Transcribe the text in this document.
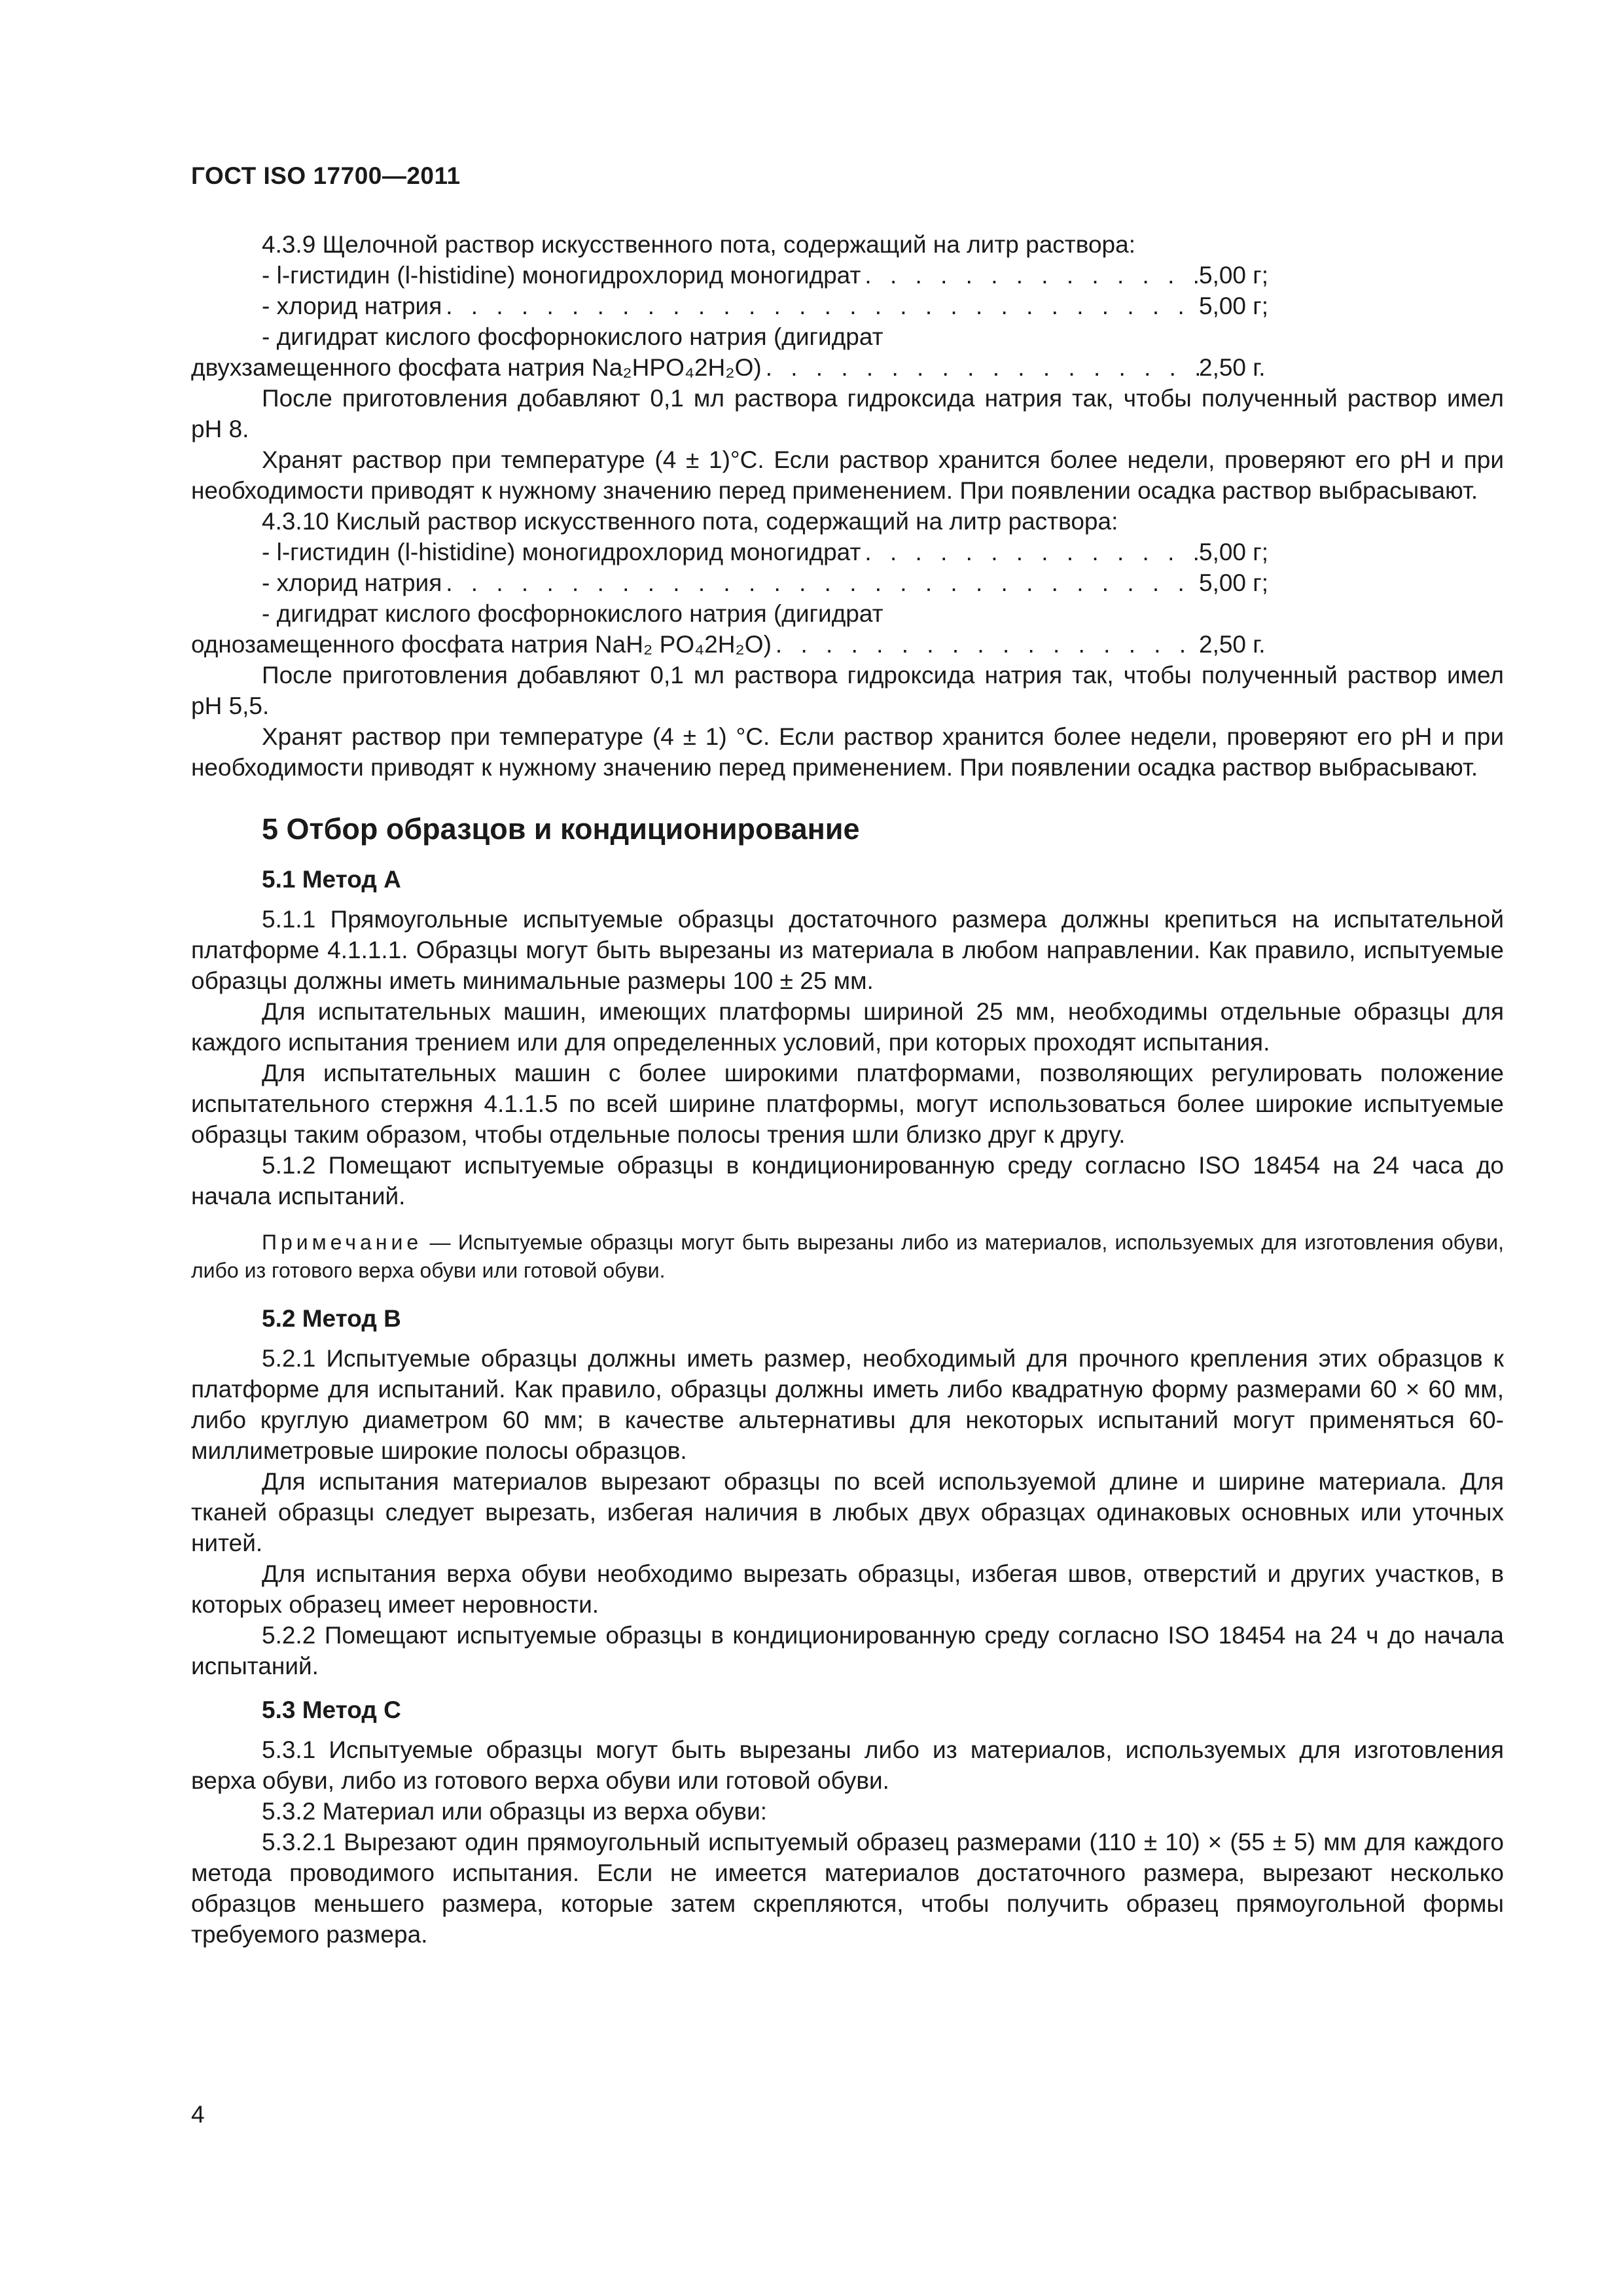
ГОСТ ISO 17700—2011

4.3.9 Щелочной раствор искусственного пота, содержащий на литр раствора:

- l-гистидин (l-histidine) моногидрохлорид моногидрат . . .	5,00 г;
- хлорид натрия . . .	5,00 г;
- дигидрат кислого фосфорнокислого натрия (дигидрат
двухзамещенного фосфата натрия Na₂HPO₄2H₂O) . . .	2,50 г.

После приготовления добавляют 0,1 мл раствора гидроксида натрия так, чтобы полученный раствор имел рН 8.

Хранят раствор при температуре (4 ± 1)°С. Если раствор хранится более недели, проверяют его рН и при необходимости приводят к нужному значению перед применением. При появлении осадка раствор выбрасывают.

4.3.10 Кислый раствор искусственного пота, содержащий на литр раствора:

- l-гистидин (l-histidine) моногидрохлорид моногидрат . . .	5,00 г;
- хлорид натрия . . .	5,00 г;
- дигидрат кислого фосфорнокислого натрия (дигидрат
однозамещенного фосфата натрия NaH₂ PO₄2H₂O) . . .	2,50 г.

После приготовления добавляют 0,1 мл раствора гидроксида натрия так, чтобы полученный раствор имел рН 5,5.

Хранят раствор при температуре (4 ± 1) °С. Если раствор хранится более недели, проверяют его рН и при необходимости приводят к нужному значению перед применением. При появлении осадка раствор выбрасывают.

5 Отбор образцов и кондиционирование
5.1 Метод А

5.1.1 Прямоугольные испытуемые образцы достаточного размера должны крепиться на испытательной платформе 4.1.1.1. Образцы могут быть вырезаны из материала в любом направлении. Как правило, испытуемые образцы должны иметь минимальные размеры 100 ± 25 мм.

Для испытательных машин, имеющих платформы шириной 25 мм, необходимы отдельные образцы для каждого испытания трением или для определенных условий, при которых проходят испытания.

Для испытательных машин с более широкими платформами, позволяющих регулировать положение испытательного стержня 4.1.1.5 по всей ширине платформы, могут использоваться более широкие испытуемые образцы таким образом, чтобы отдельные полосы трения шли близко друг к другу.

5.1.2 Помещают испытуемые образцы в кондиционированную среду согласно ISO 18454 на 24 часа до начала испытаний.

Примечание — Испытуемые образцы могут быть вырезаны либо из материалов, используемых для изготовления обуви, либо из готового верха обуви или готовой обуви.

5.2 Метод В

5.2.1 Испытуемые образцы должны иметь размер, необходимый для прочного крепления этих образцов к платформе для испытаний. Как правило, образцы должны иметь либо квадратную форму размерами 60 × 60 мм, либо круглую диаметром 60 мм; в качестве альтернативы для некоторых испытаний могут применяться 60-миллиметровые широкие полосы образцов.

Для испытания материалов вырезают образцы по всей используемой длине и ширине материала. Для тканей образцы следует вырезать, избегая наличия в любых двух образцах одинаковых основных или уточных нитей.

Для испытания верха обуви необходимо вырезать образцы, избегая швов, отверстий и других участков, в которых образец имеет неровности.

5.2.2 Помещают испытуемые образцы в кондиционированную среду согласно ISO 18454 на 24 ч до начала испытаний.

5.3 Метод С

5.3.1 Испытуемые образцы могут быть вырезаны либо из материалов, используемых для изготовления верха обуви, либо из готового верха обуви или готовой обуви.

5.3.2 Материал или образцы из верха обуви:

5.3.2.1 Вырезают один прямоугольный испытуемый образец размерами (110 ± 10) × (55 ± 5) мм для каждого метода проводимого испытания. Если не имеется материалов достаточного размера, вырезают несколько образцов меньшего размера, которые затем скрепляются, чтобы получить образец прямоугольной формы требуемого размера.

4
